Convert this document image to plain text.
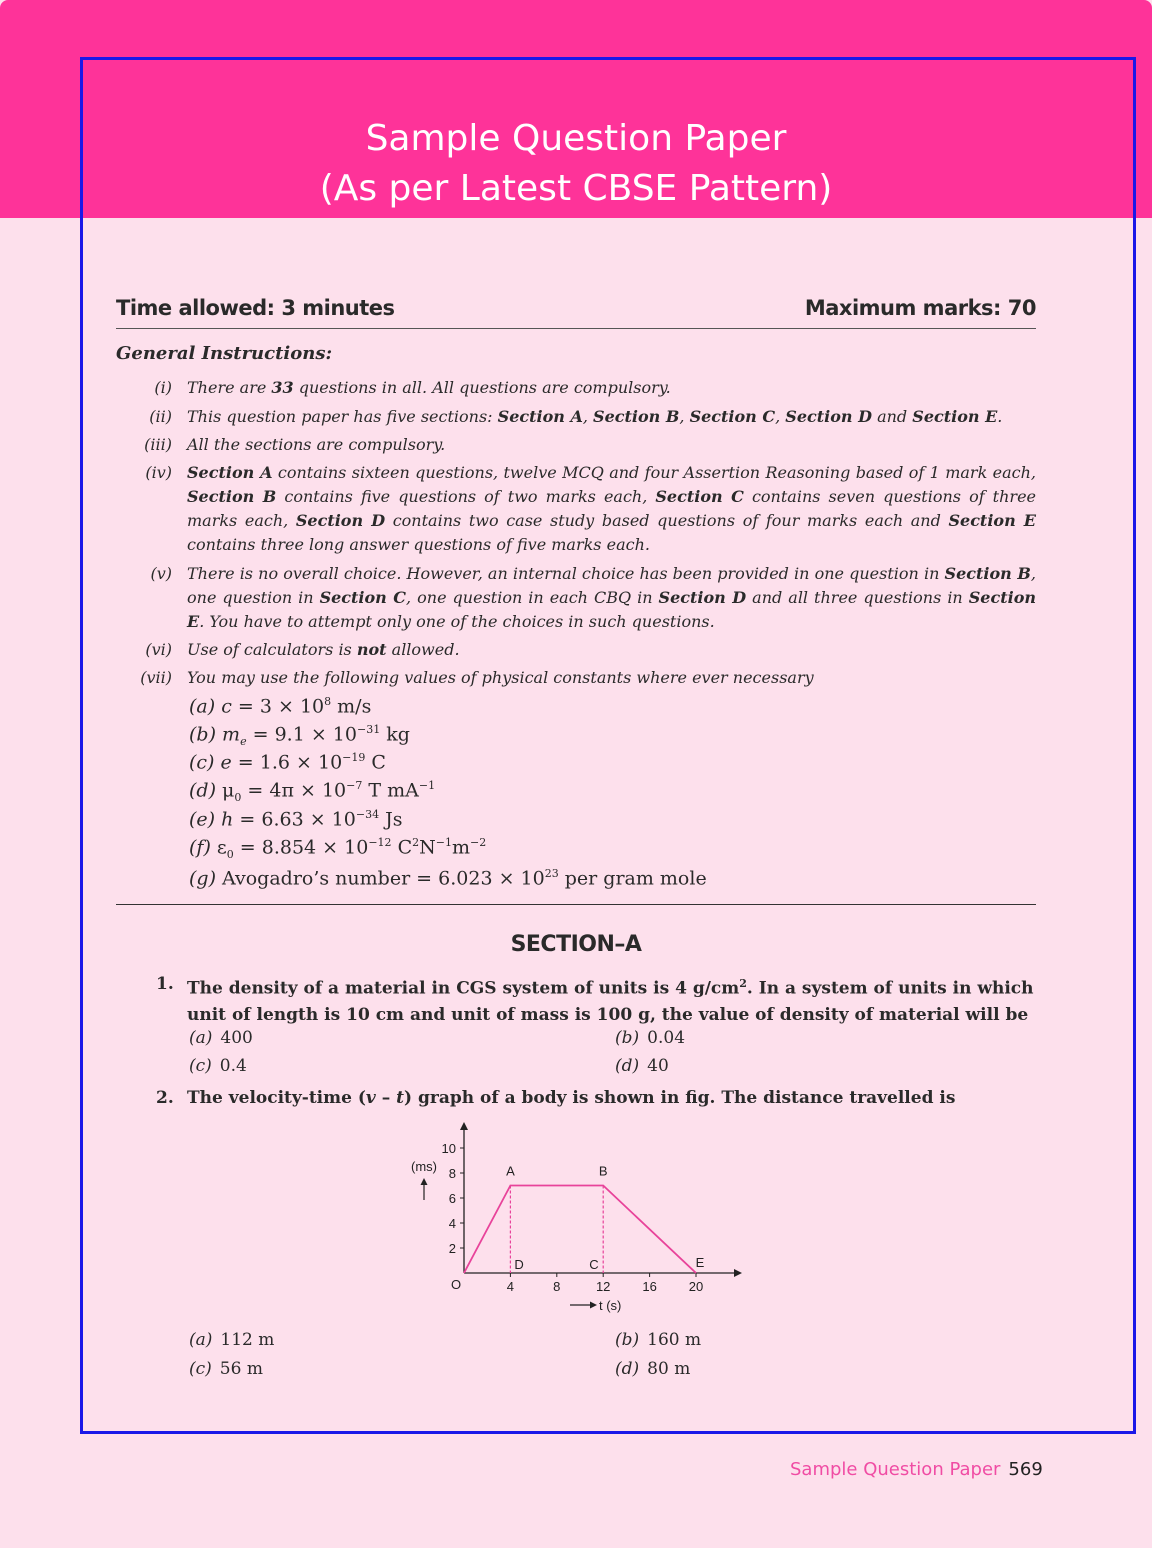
Sample Question Paper
(As per Latest CBSE Pattern)
Time allowed: 3 minutes	Maximum marks: 70
General Instructions:
(i) There are 33 questions in all. All questions are compulsory.
(ii) This question paper has five sections: Section A, Section B, Section C, Section D and Section E.
(iii) All the sections are compulsory.
(iv) Section A contains sixteen questions, twelve MCQ and four Assertion Reasoning based of 1 mark each, Section B contains five questions of two marks each, Section C contains seven questions of three marks each, Section D contains two case study based questions of four marks each and Section E contains three long answer questions of five marks each.
(v) There is no overall choice. However, an internal choice has been provided in one question in Section B, one question in Section C, one question in each CBQ in Section D and all three questions in Section E. You have to attempt only one of the choices in such questions.
(vi) Use of calculators is not allowed.
(vii) You may use the following values of physical constants where ever necessary
(a) $c = 3 \times 10^8$ m/s
(b) $m_e = 9.1 \times 10^{-31}$ kg
(c) $e = 1.6 \times 10^{-19}$ C
(d) $\mu_0 = 4\pi \times 10^{-7}$ T $mA^{-1}$
(e) $h = 6.63 \times 10^{-34}$ Js
(f) $\varepsilon_0 = 8.854 \times 10^{-12}$ $C^2N^{-1}m^{-2}$
(g) Avogadro’s number = $6.023 \times 10^{23}$ per gram mole
SECTION–A
1. The density of a material in CGS system of units is 4 $g/cm^2$. In a system of units in which unit of length is 10 cm and unit of mass is 100 g, the value of density of material will be
(a) 400	(b) 0.04
(c) 0.4	(d) 40
2. The velocity-time (v – t) graph of a body is shown in fig. The distance travelled is
2
4
6
8
10
4	8	12 16 20
O
(ms)
t (s)
D	C
A	B
E
(a) 112 m	(b) 160 m
(c) 56 m	(d) 80 m
Sample Question Paper 569
